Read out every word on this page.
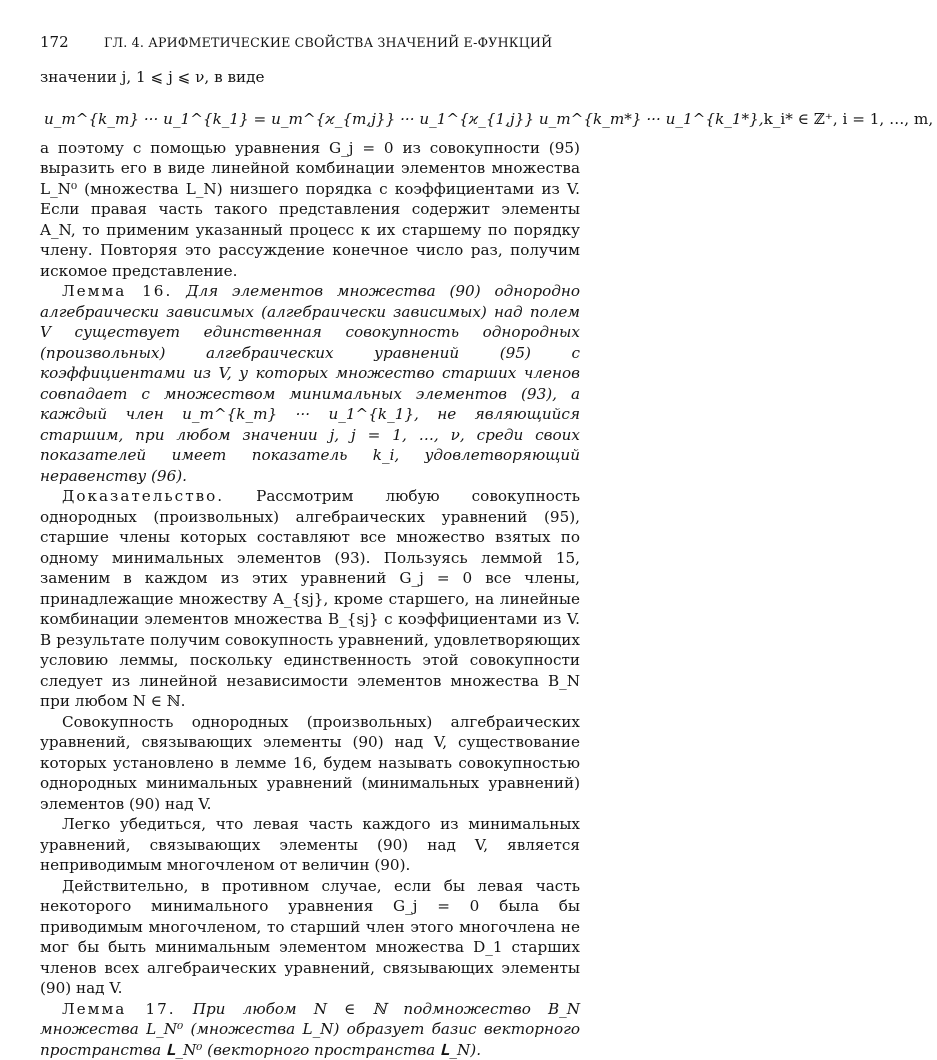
172	ГЛ. 4. АРИФМЕТИЧЕСКИЕ СВОЙСТВА ЗНАЧЕНИЙ E-ФУНКЦИЙ

значении j, 1 ⩽ j ⩽ ν, в виде

u_m^{k_m} ··· u_1^{k_1} = u_m^{ϰ_{m,j}} ··· u_1^{ϰ_{1,j}} u_m^{k_m*} ··· u_1^{k_1*}, k_i* ∈ ℤ⁺, i = 1, …, m,

а поэтому с помощью уравнения G_j = 0 из совокупности (95) выразить его в виде линейной комбинации элементов множества L_N⁰ (множества L_N) низшего порядка с коэффициентами из V. Если правая часть такого представления содержит элементы A_N, то применим указанный процесс к их старшему по порядку члену. Повторяя это рассуждение конечное число раз, получим искомое представление.

Лемма 16. Для элементов множества (90) однородно алгебраически зависимых (алгебраически зависимых) над полем V существует единственная совокупность однородных (произвольных) алгебраических уравнений (95) с коэффициентами из V, у которых множество старших членов совпадает с множеством минимальных элементов (93), а каждый член u_m^{k_m} ··· u_1^{k_1}, не являющийся старшим, при любом значении j, j = 1, …, ν, среди своих показателей имеет показатель k_i, удовлетворяющий неравенству (96).

Доказательство. Рассмотрим любую совокупность однородных (произвольных) алгебраических уравнений (95), старшие члены которых составляют все множество взятых по одному минимальных элементов (93). Пользуясь леммой 15, заменим в каждом из этих уравнений G_j = 0 все члены, принадлежащие множеству A_{sj}, кроме старшего, на линейные комбинации элементов множества B_{sj} с коэффициентами из V. В результате получим совокупность уравнений, удовлетворяющих условию леммы, поскольку единственность этой совокупности следует из линейной независимости элементов множества B_N при любом N ∈ ℕ.

Совокупность однородных (произвольных) алгебраических уравнений, связывающих элементы (90) над V, существование которых установлено в лемме 16, будем называть совокупностью однородных минимальных уравнений (минимальных уравнений) элементов (90) над V.

Легко убедиться, что левая часть каждого из минимальных уравнений, связывающих элементы (90) над V, является неприводимым многочленом от величин (90).

Действительно, в противном случае, если бы левая часть некоторого минимального уравнения G_j = 0 была бы приводимым многочленом, то старший член этого многочлена не мог бы быть минимальным элементом множества D_1 старших членов всех алгебраических уравнений, связывающих элементы (90) над V.

Лемма 17. При любом N ∈ ℕ подмножество B_N множества L_N⁰ (множества L_N) образует базис векторного пространства 𝐋_N⁰ (векторного пространства 𝐋_N).
